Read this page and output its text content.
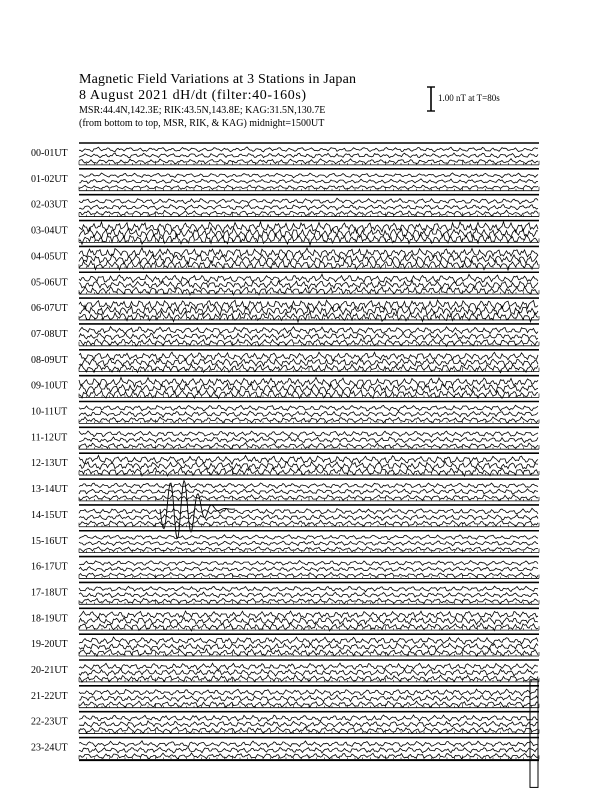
00-01UT
01-02UT
02-03UT
03-04UT
04-05UT
05-06UT
06-07UT
07-08UT
08-09UT
09-10UT
10-11UT
11-12UT
12-13UT
13-14UT
14-15UT
15-16UT
16-17UT
17-18UT
18-19UT
19-20UT
20-21UT
21-22UT
22-23UT
23-24UT
Magnetic Field Variations at 3 Stations in Japan
8 August 2021 dH/dt (filter:40-160s)
MSR:44.4N,142.3E; RIK:43.5N,143.8E; KAG:31.5N,130.7E
(from bottom to top, MSR, RIK, & KAG) midnight=1500UT
1.00 nT at T=80s
